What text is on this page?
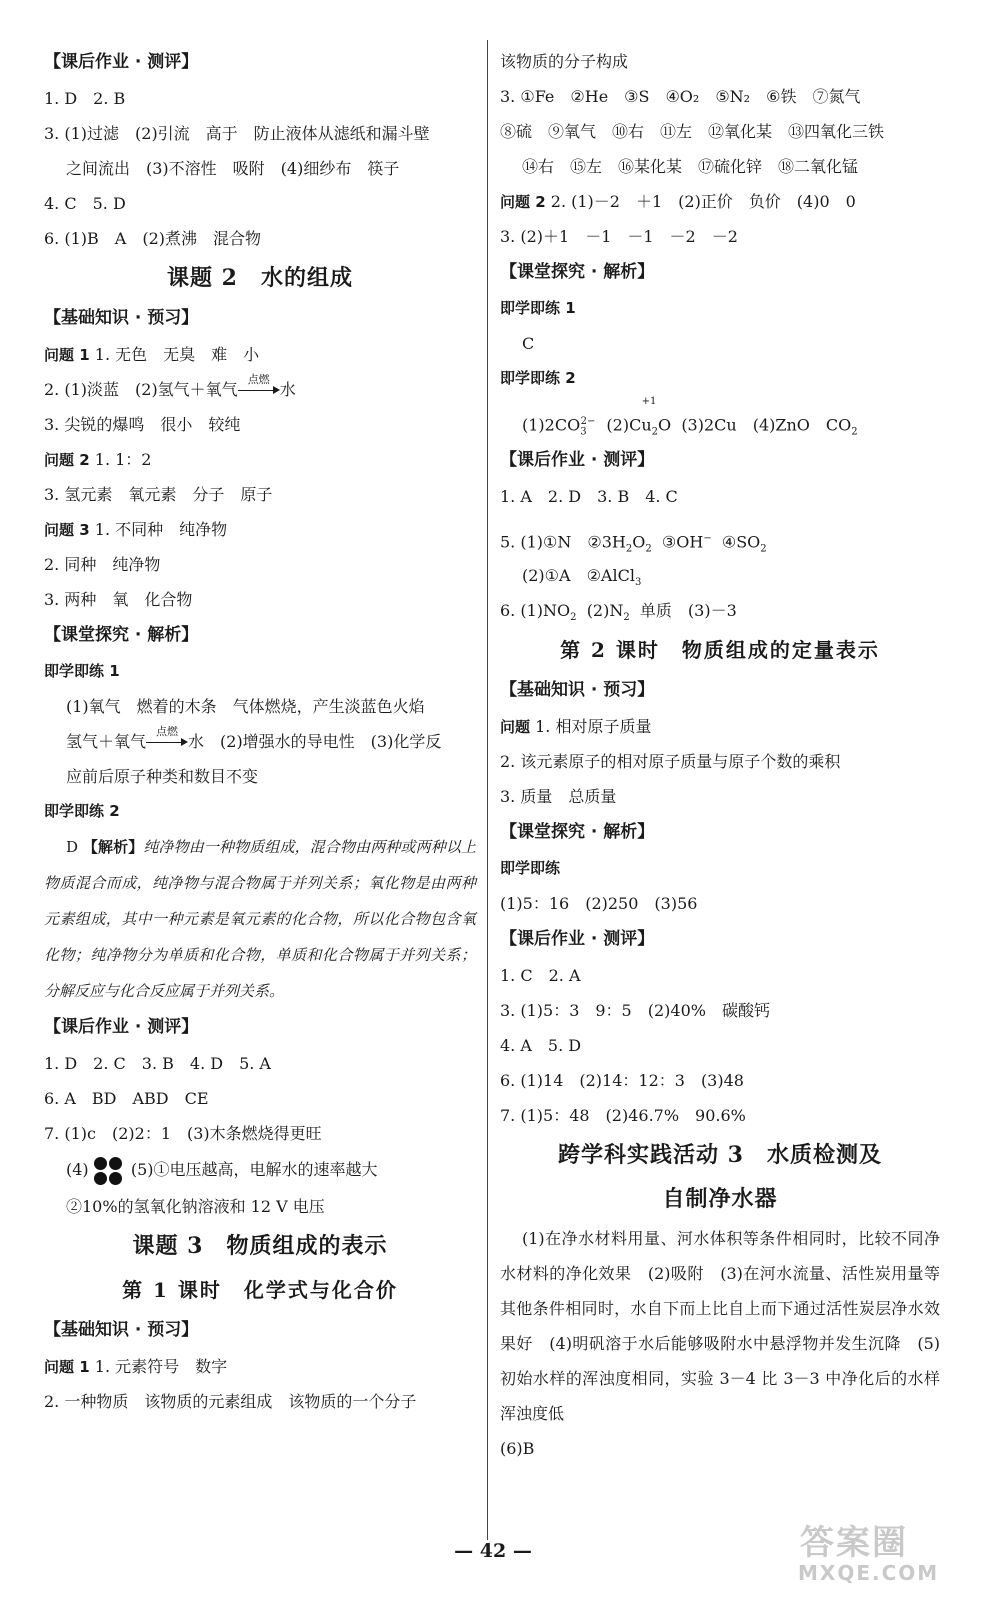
【课后作业 · 测评】
1. D　2. B
3. (1)过滤　(2)引流　高于　防止液体从滤纸和漏斗壁
之间流出　(3)不溶性　吸附　(4)细纱布　筷子
4. C　5. D
6. (1)B　A　(2)煮沸　混合物
课题 2　水的组成
【基础知识 · 预习】
问题 1 1. 无色　无臭　难　小
2. (1)淡蓝　(2)氢气＋氧气
点燃
水
3. 尖锐的爆鸣　很小　较纯
问题 2 1. 1：2
3. 氢元素　氧元素　分子　原子
问题 3 1. 不同种　纯净物
2. 同种　纯净物
3. 两种　氧　化合物
【课堂探究 · 解析】
即学即练 1
(1)氧气　燃着的木条　气体燃烧，产生淡蓝色火焰
氢气＋氧气
点燃
水　(2)增强水的导电性　(3)化学反
应前后原子种类和数目不变
即学即练 2
D 【解析】纯净物由一种物质组成，混合物由两种或两种以上物质混合而成，纯净物与混合物属于并列关系；氧化物是由两种元素组成，其中一种元素是氧元素的化合物，所以化合物包含氧化物；纯净物分为单质和化合物，单质和化合物属于并列关系；分解反应与化合反应属于并列关系。
【课后作业 · 测评】
1. D　2. C　3. B　4. D　5. A
6. A　BD　ABD　CE
7. (1)c　(2)2：1　(3)木条燃烧得更旺
(4)	(5)①电压越高，电解水的速率越大
②10%的氢氧化钠溶液和 12 V 电压
课题 3　物质组成的表示
第 1 课时　化学式与化合价
【基础知识 · 预习】
问题 1 1. 元素符号　数字
2. 一种物质　该物质的元素组成　该物质的一个分子
该物质的分子构成
3. ①Fe　②He　③S　④O₂　⑤N₂　⑥铁　⑦氮气
⑧硫　⑨氧气　⑩右　⑪左　⑫氧化某　⑬四氧化三铁
⑭右　⑮左　⑯某化某　⑰硫化锌　⑱二氧化锰
问题 2 2. (1)－2　＋1　(2)正价　负价　(4)0　0
3. (2)＋1　－1　－1　－2　－2
【课堂探究 · 解析】
即学即练 1
C
即学即练 2
$(1)2CO_3^{2-}$ (2)Cu
+1
$_2$O (3)2Cu　(4)ZnO　$CO_2$
【课后作业 · 测评】
1. A　2. D　3. B　4. C
5. (1)①N　$②3H_2O_2$ ③OH− $④SO_2$
(2)①A　②AlCl$_3$
6. $(1)NO_2$ $(2)N_2$ 单质　(3)－3
第 2 课时　物质组成的定量表示
【基础知识 · 预习】
问题 1. 相对原子质量
2. 该元素原子的相对原子质量与原子个数的乘积
3. 质量　总质量
【课堂探究 · 解析】
即学即练
(1)5：16　(2)250　(3)56
【课后作业 · 测评】
1. C　2. A
3. (1)5：3　9：5　(2)40%　碳酸钙
4. A　5. D
6. (1)14　(2)14：12：3　(3)48
7. (1)5：48　(2)46.7%　90.6%
跨学科实践活动 3　水质检测及
自制净水器
(1)在净水材料用量、河水体积等条件相同时，比较不同净水材料的净化效果　(2)吸附　(3)在河水流量、活性炭用量等其他条件相同时，水自下而上比自上而下通过活性炭层净水效果好　(4)明矾溶于水后能够吸附水中悬浮物并发生沉降　(5)初始水样的浑浊度相同，实验 3－4 比 3－3 中净化后的水样浑浊度低
(6)B
— 42 —	答案圈
MXQE.COM
